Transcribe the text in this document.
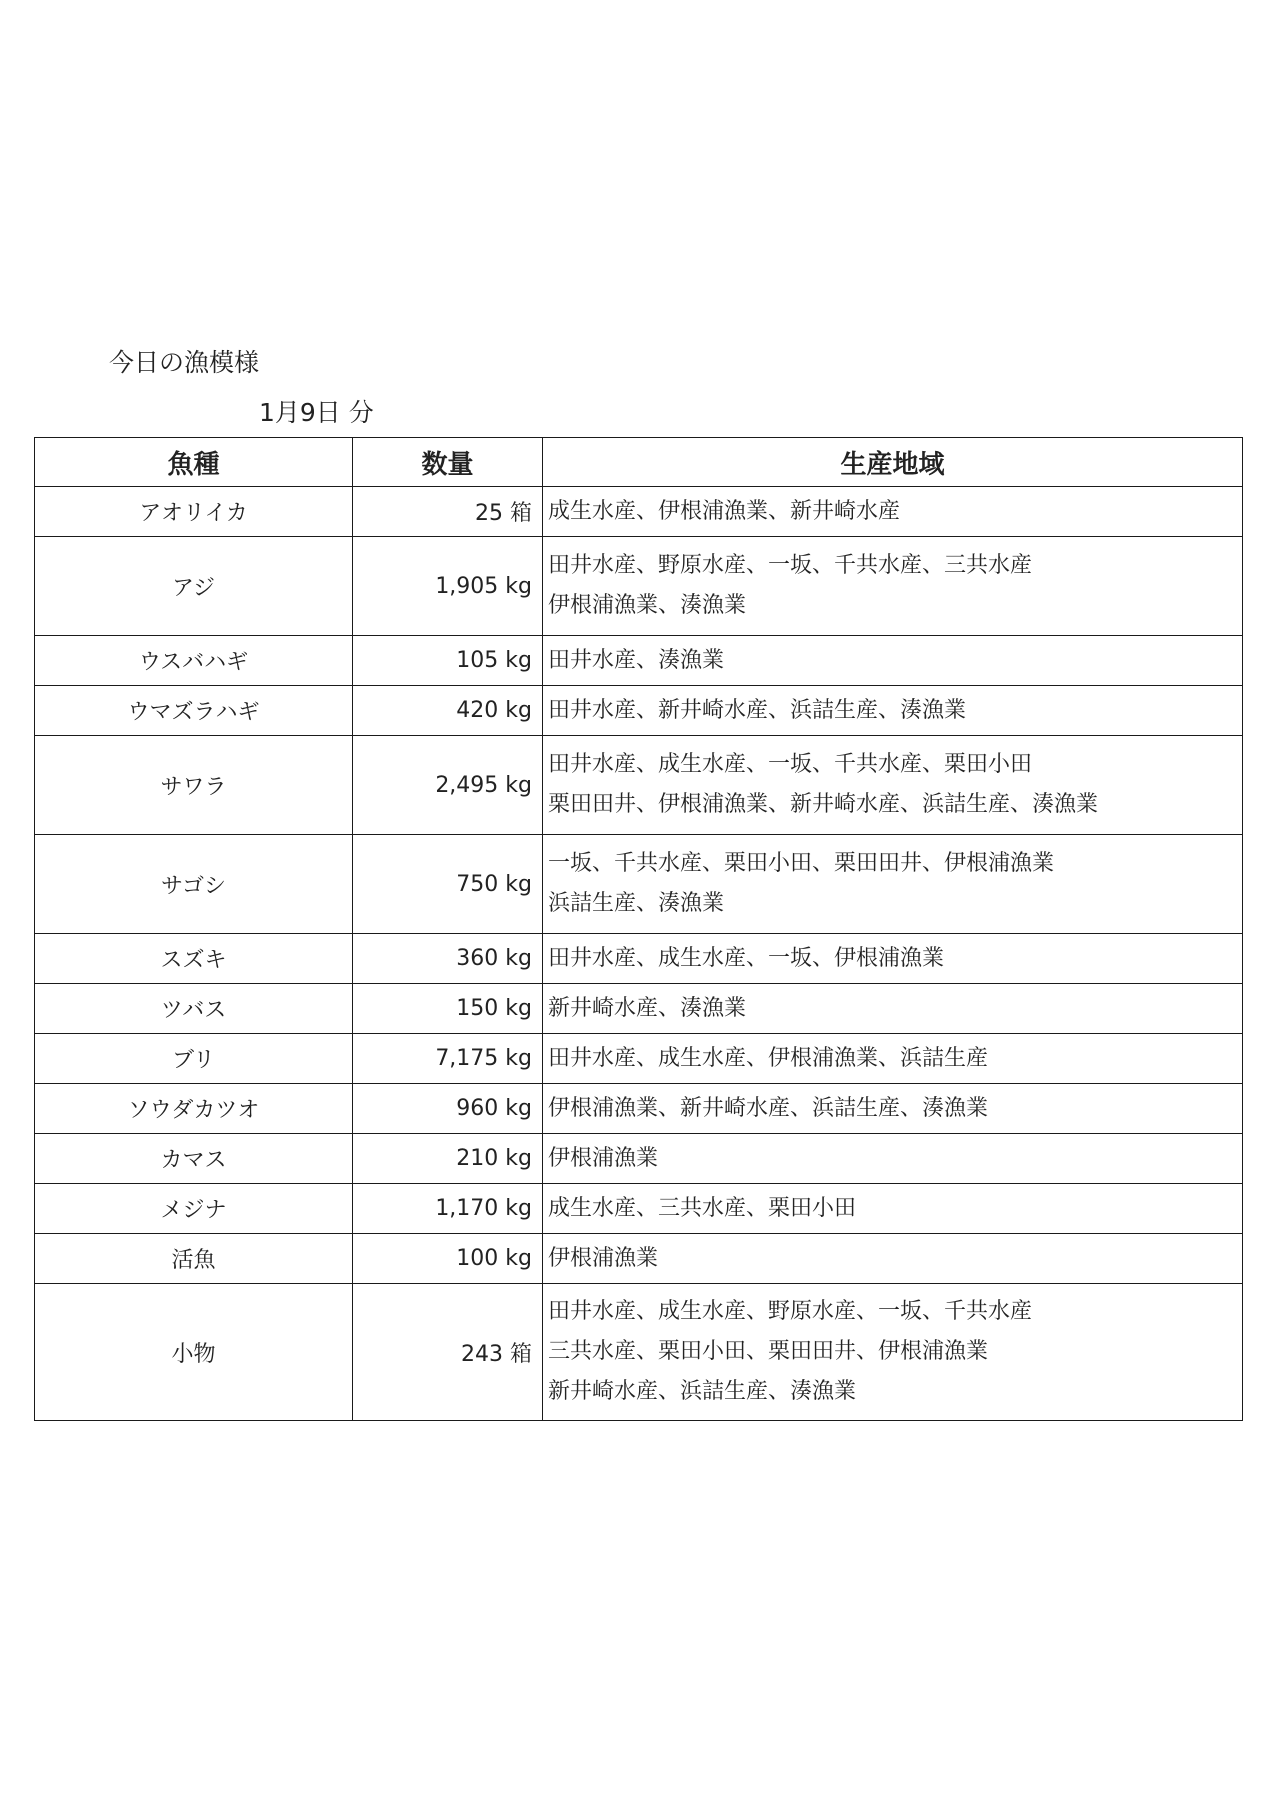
今日の漁模様
1月9日 分
魚種	数量	生産地域
アオリイカ	25 箱	成生水産、伊根浦漁業、新井崎水産

アジ	1,905 kg	田井水産、野原水産、一坂、千共水産、三共水産
伊根浦漁業、湊漁業

ウスバハギ	105 kg	田井水産、湊漁業

ウマズラハギ	420 kg	田井水産、新井崎水産、浜詰生産、湊漁業

サワラ	2,495 kg	田井水産、成生水産、一坂、千共水産、栗田小田
栗田田井、伊根浦漁業、新井崎水産、浜詰生産、湊漁業

サゴシ	750 kg	一坂、千共水産、栗田小田、栗田田井、伊根浦漁業
浜詰生産、湊漁業

スズキ	360 kg	田井水産、成生水産、一坂、伊根浦漁業

ツバス	150 kg	新井崎水産、湊漁業

ブリ	7,175 kg	田井水産、成生水産、伊根浦漁業、浜詰生産

ソウダカツオ	960 kg	伊根浦漁業、新井崎水産、浜詰生産、湊漁業

カマス	210 kg	伊根浦漁業

メジナ	1,170 kg	成生水産、三共水産、栗田小田

活魚	100 kg	伊根浦漁業

小物	243 箱	田井水産、成生水産、野原水産、一坂、千共水産
三共水産、栗田小田、栗田田井、伊根浦漁業
新井崎水産、浜詰生産、湊漁業
